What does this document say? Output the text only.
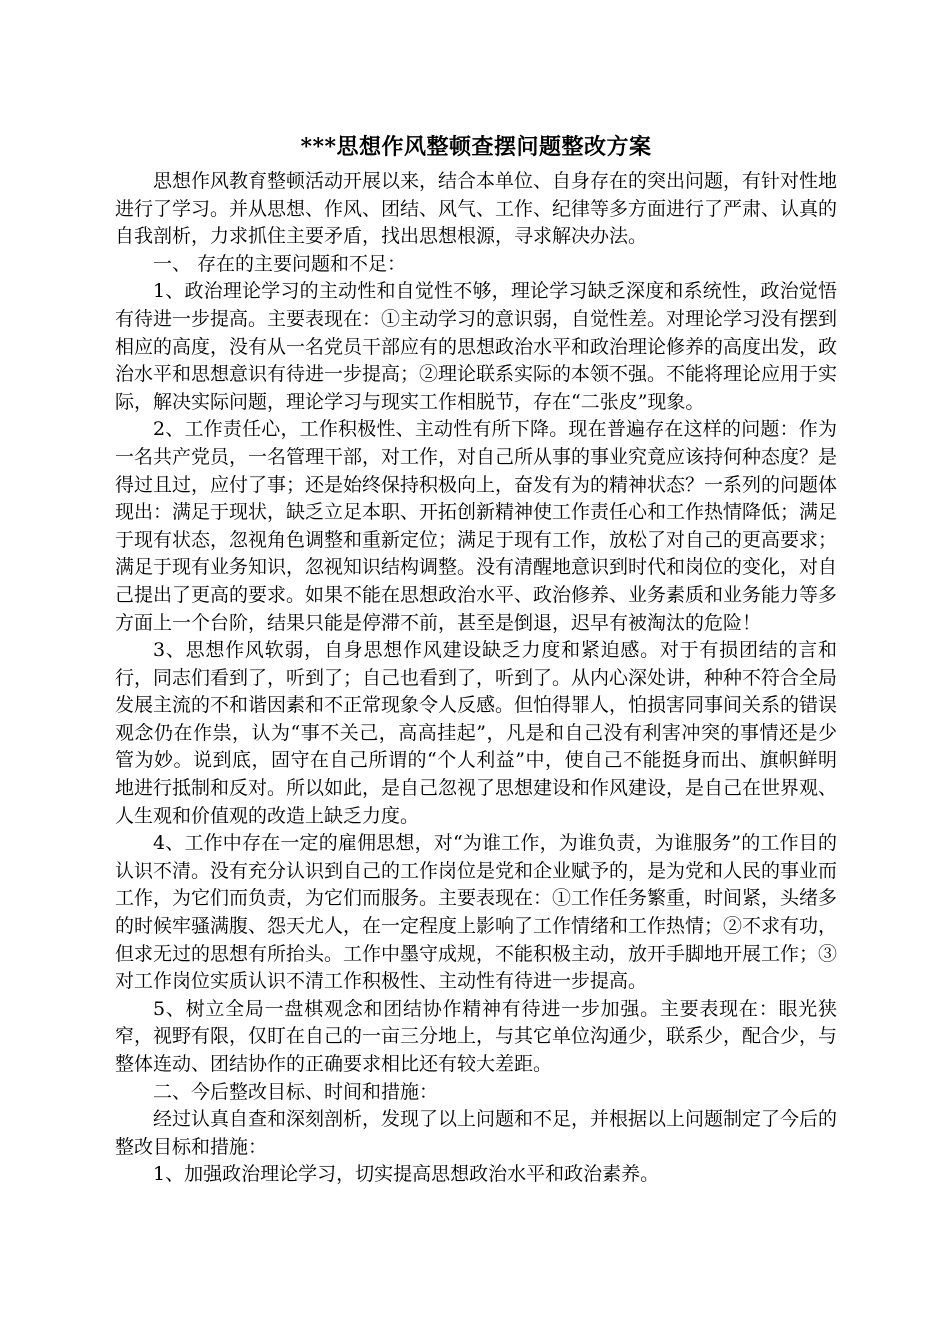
***思想作风整顿查摆问题整改方案

思想作风教育整顿活动开展以来，结合本单位、自身存在的突出问题，有针对性地进行了学习。并从思想、作风、团结、风气、工作、纪律等多方面进行了严肃、认真的自我剖析，力求抓住主要矛盾，找出思想根源，寻求解决办法。

一、 存在的主要问题和不足：

1、政治理论学习的主动性和自觉性不够，理论学习缺乏深度和系统性，政治觉悟有待进一步提高。主要表现在：①主动学习的意识弱，自觉性差。对理论学习没有摆到相应的高度，没有从一名党员干部应有的思想政治水平和政治理论修养的高度出发，政治水平和思想意识有待进一步提高；②理论联系实际的本领不强。不能将理论应用于实际，解决实际问题，理论学习与现实工作相脱节，存在“二张皮”现象。

2、工作责任心，工作积极性、主动性有所下降。现在普遍存在这样的问题：作为一名共产党员，一名管理干部，对工作，对自己所从事的事业究竟应该持何种态度？是得过且过，应付了事；还是始终保持积极向上，奋发有为的精神状态？一系列的问题体现出：满足于现状，缺乏立足本职、开拓创新精神使工作责任心和工作热情降低；满足于现有状态，忽视角色调整和重新定位；满足于现有工作，放松了对自己的更高要求；满足于现有业务知识，忽视知识结构调整。没有清醒地意识到时代和岗位的变化，对自己提出了更高的要求。如果不能在思想政治水平、政治修养、业务素质和业务能力等多方面上一个台阶，结果只能是停滞不前，甚至是倒退，迟早有被淘汰的危险！

3、思想作风软弱，自身思想作风建设缺乏力度和紧迫感。对于有损团结的言和行，同志们看到了，听到了；自己也看到了，听到了。从内心深处讲，种种不符合全局发展主流的不和谐因素和不正常现象令人反感。但怕得罪人，怕损害同事间关系的错误观念仍在作祟，认为“事不关己，高高挂起”，凡是和自己没有利害冲突的事情还是少管为妙。说到底，固守在自己所谓的“个人利益”中，使自己不能挺身而出、旗帜鲜明地进行抵制和反对。所以如此，是自己忽视了思想建设和作风建设，是自己在世界观、人生观和价值观的改造上缺乏力度。

4、工作中存在一定的雇佣思想，对“为谁工作，为谁负责，为谁服务”的工作目的认识不清。没有充分认识到自己的工作岗位是党和企业赋予的，是为党和人民的事业而工作，为它们而负责，为它们而服务。主要表现在：①工作任务繁重，时间紧，头绪多的时候牢骚满腹、怨天尤人，在一定程度上影响了工作情绪和工作热情；②不求有功，但求无过的思想有所抬头。工作中墨守成规，不能积极主动，放开手脚地开展工作；③对工作岗位实质认识不清工作积极性、主动性有待进一步提高。

5、树立全局一盘棋观念和团结协作精神有待进一步加强。主要表现在：眼光狭窄，视野有限，仅盯在自己的一亩三分地上，与其它单位沟通少，联系少，配合少，与整体连动、团结协作的正确要求相比还有较大差距。

二、今后整改目标、时间和措施：

经过认真自查和深刻剖析，发现了以上问题和不足，并根据以上问题制定了今后的整改目标和措施：

1、加强政治理论学习，切实提高思想政治水平和政治素养。
